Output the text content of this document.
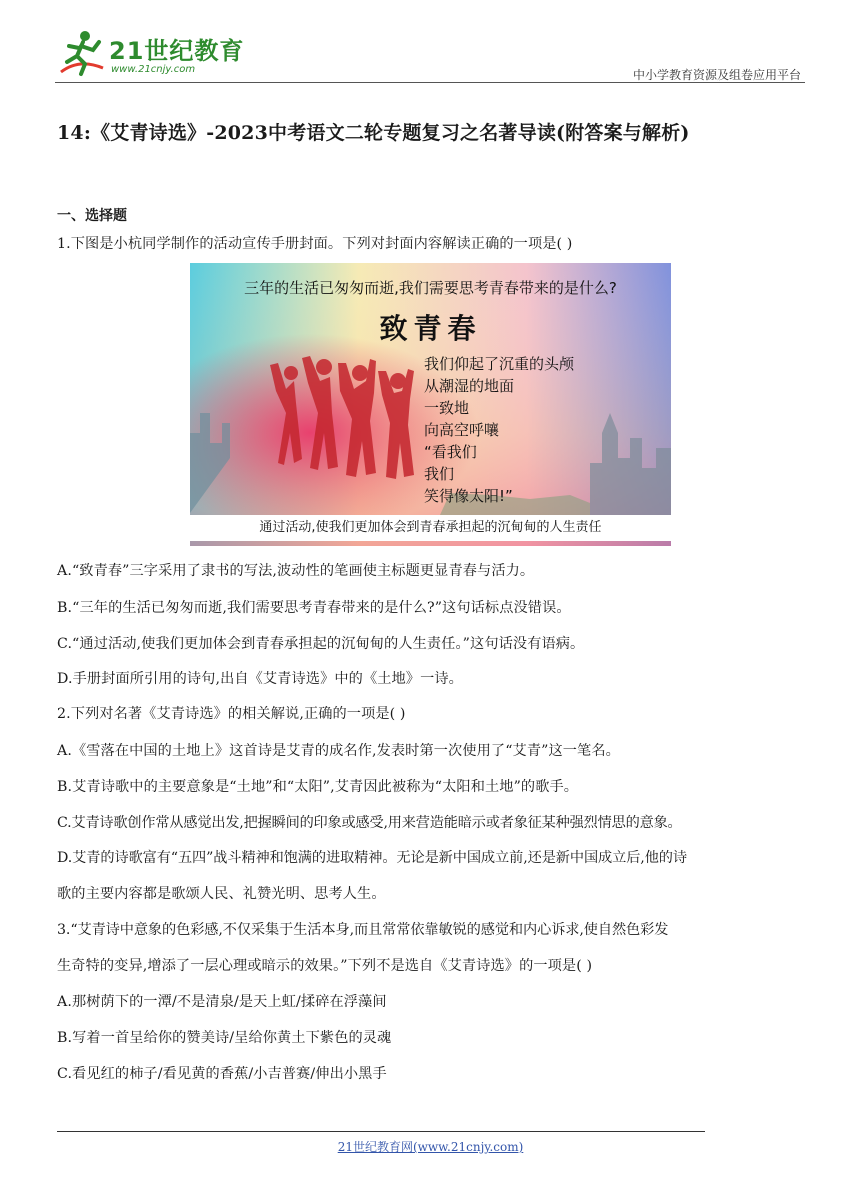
21世纪教育
www.21cnjy.com	中小学教育资源及组卷应用平台
14:《艾青诗选》-2023中考语文二轮专题复习之名著导读(附答案与解析)
一、选择题
1.下图是小杭同学制作的活动宣传手册封面。下列对封面内容解读正确的一项是( )
三年的生活已匆匆而逝,我们需要思考青春带来的是什么?
致青春
我们仰起了沉重的头颅
从潮湿的地面
一致地
向高空呼嚷
“看我们
我们
笑得像太阳!”
通过活动,使我们更加体会到青春承担起的沉甸甸的人生责任
A.“致青春”三字采用了隶书的写法,波动性的笔画使主标题更显青春与活力。
B.“三年的生活已匆匆而逝,我们需要思考青春带来的是什么?”这句话标点没错误。
C.“通过活动,使我们更加体会到青春承担起的沉甸甸的人生责任。”这句话没有语病。
D.手册封面所引用的诗句,出自《艾青诗选》中的《土地》一诗。
2.下列对名著《艾青诗选》的相关解说,正确的一项是( )
A.《雪落在中国的土地上》这首诗是艾青的成名作,发表时第一次使用了“艾青”这一笔名。
B.艾青诗歌中的主要意象是“土地”和“太阳”,艾青因此被称为“太阳和土地”的歌手。
C.艾青诗歌创作常从感觉出发,把握瞬间的印象或感受,用来营造能暗示或者象征某种强烈情思的意象。
D.艾青的诗歌富有“五四”战斗精神和饱满的进取精神。无论是新中国成立前,还是新中国成立后,他的诗
歌的主要内容都是歌颂人民、礼赞光明、思考人生。
3.“艾青诗中意象的色彩感,不仅采集于生活本身,而且常常依靠敏锐的感觉和内心诉求,使自然色彩发
生奇特的变异,增添了一层心理或暗示的效果。”下列不是选自《艾青诗选》的一项是( )
A.那树荫下的一潭/不是清泉/是天上虹/揉碎在浮藻间
B.写着一首呈给你的赞美诗/呈给你黄土下紫色的灵魂
C.看见红的柿子/看见黄的香蕉/小吉普赛/伸出小黑手
21世纪教育网(www.21cnjy.com)
